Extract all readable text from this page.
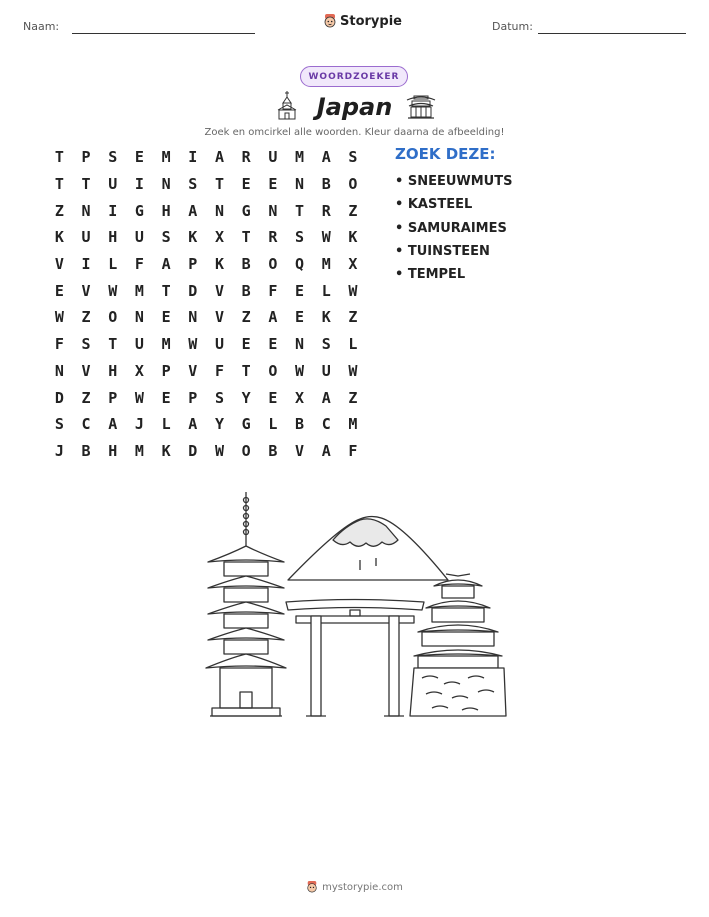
Naam:	Storypie	Datum:
WOORDZOEKER
Japan
Zoek en omcirkel alle woorden. Kleur daarna de afbeelding!
T	P	S	E	M	I	A	R	U	M	A	S
T	T	U	I	N	S	T	E	E	N	B	O
Z	N	I	G	H	A	N	G	N	T	R	Z
K	U	H	U	S	K	X	T	R	S	W	K
V	I	L	F	A	P	K	B	O	Q	M	X
E	V	W	M	T	D	V	B	F	E	L	W
W	Z	O	N	E	N	V	Z	A	E	K	Z
F	S	T	U	M	W	U	E	E	N	S	L
N	V	H	X	P	V	F	T	O	W	U	W
D	Z	P	W	E	P	S	Y	E	X	A	Z
S	C	A	J	L	A	Y	G	L	B	C	M
J	B	H	M	K	D	W	O	B	V	A	F
ZOEK DEZE:
• SNEEUWMUTS
• KASTEEL
• SAMURAIMES
• TUINSTEEN
• TEMPEL
mystorypie.com
